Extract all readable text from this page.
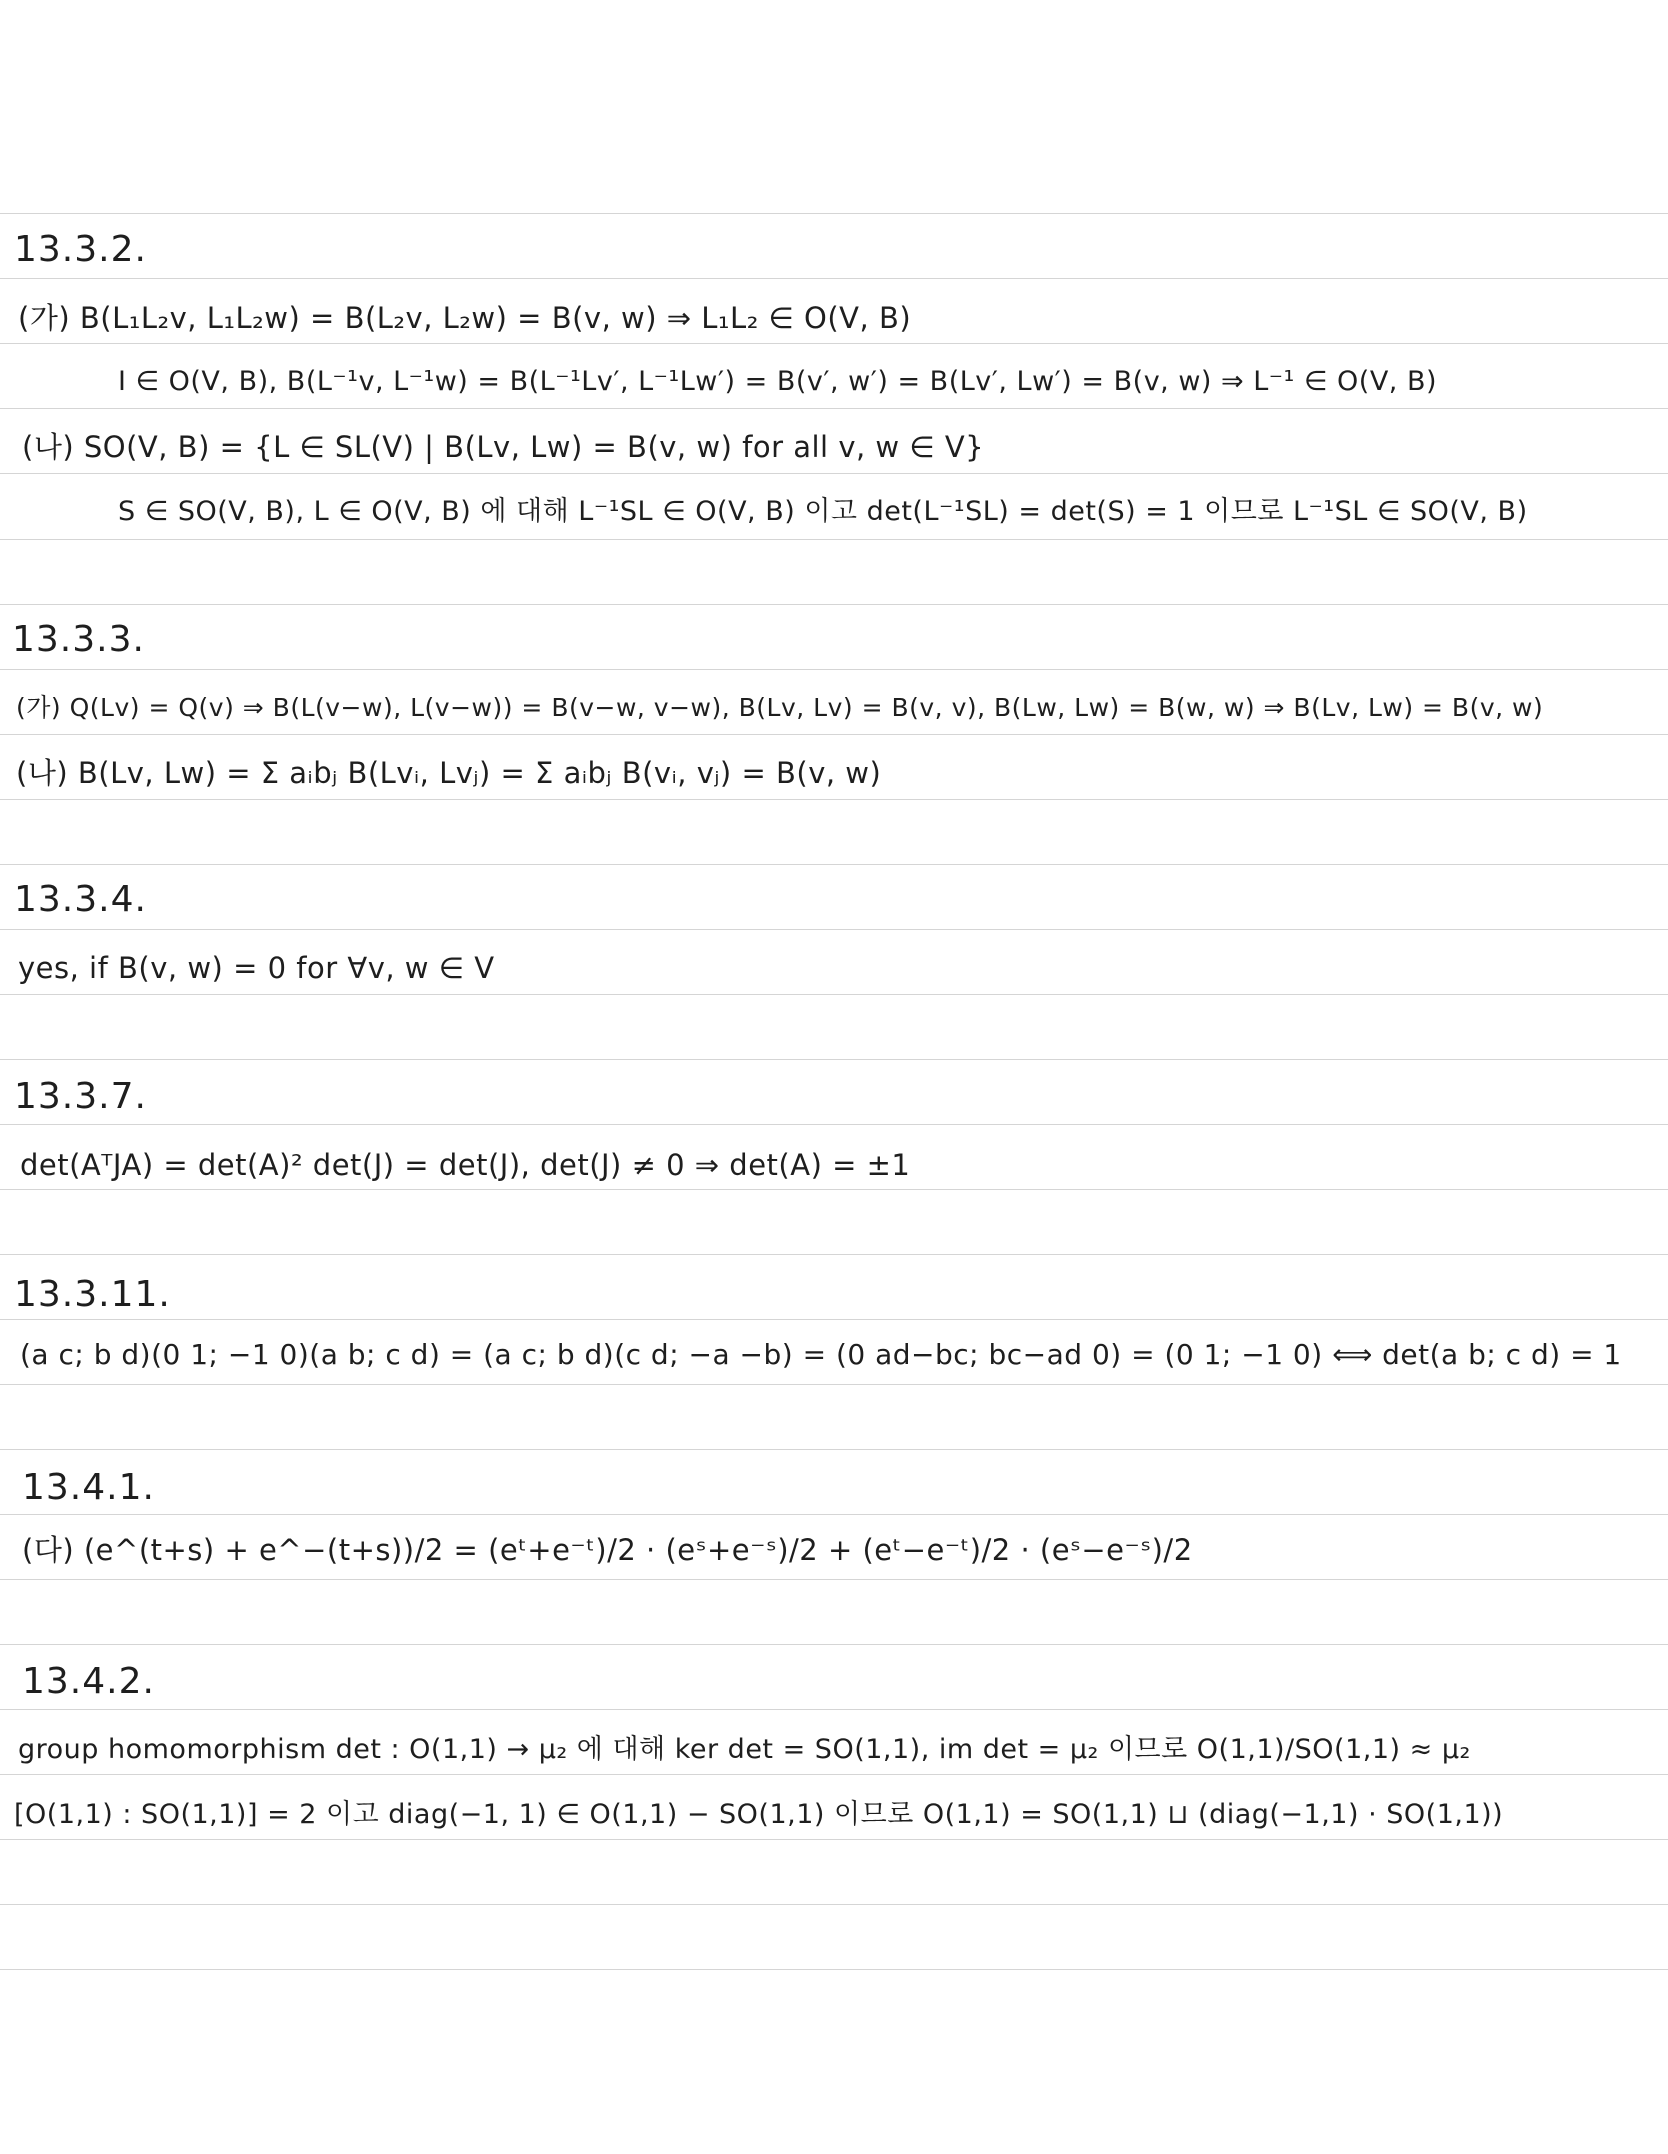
13.3.2.
(가) B(L₁L₂v, L₁L₂w) = B(L₂v, L₂w) = B(v, w) ⇒ L₁L₂ ∈ O(V, B)
I ∈ O(V, B), B(L⁻¹v, L⁻¹w) = B(L⁻¹Lv′, L⁻¹Lw′) = B(v′, w′) = B(Lv′, Lw′) = B(v, w) ⇒ L⁻¹ ∈ O(V, B)
(나) SO(V, B) = {L ∈ SL(V) | B(Lv, Lw) = B(v, w) for all v, w ∈ V}
S ∈ SO(V, B), L ∈ O(V, B) 에 대해 L⁻¹SL ∈ O(V, B) 이고 det(L⁻¹SL) = det(S) = 1 이므로 L⁻¹SL ∈ SO(V, B)
13.3.3.
(가) Q(Lv) = Q(v) ⇒ B(L(v−w), L(v−w)) = B(v−w, v−w), B(Lv, Lv) = B(v, v), B(Lw, Lw) = B(w, w) ⇒ B(Lv, Lw) = B(v, w)
(나) B(Lv, Lw) = Σ aᵢbⱼ B(Lvᵢ, Lvⱼ) = Σ aᵢbⱼ B(vᵢ, vⱼ) = B(v, w)
13.3.4.
yes, if B(v, w) = 0 for ∀v, w ∈ V
13.3.7.
det(AᵀJA) = det(A)² det(J) = det(J), det(J) ≠ 0 ⇒ det(A) = ±1
13.3.11.
(a c; b d)(0 1; −1 0)(a b; c d) = (a c; b d)(c d; −a −b) = (0 ad−bc; bc−ad 0) = (0 1; −1 0) ⟺ det(a b; c d) = 1
13.4.1.
(다) (e^(t+s) + e^−(t+s))/2 = (eᵗ+e⁻ᵗ)/2 · (eˢ+e⁻ˢ)/2 + (eᵗ−e⁻ᵗ)/2 · (eˢ−e⁻ˢ)/2
13.4.2.
group homomorphism det : O(1,1) → μ₂ 에 대해 ker det = SO(1,1), im det = μ₂ 이므로 O(1,1)/SO(1,1) ≈ μ₂
[O(1,1) : SO(1,1)] = 2 이고 diag(−1, 1) ∈ O(1,1) − SO(1,1) 이므로 O(1,1) = SO(1,1) ⊔ (diag(−1,1) · SO(1,1))
